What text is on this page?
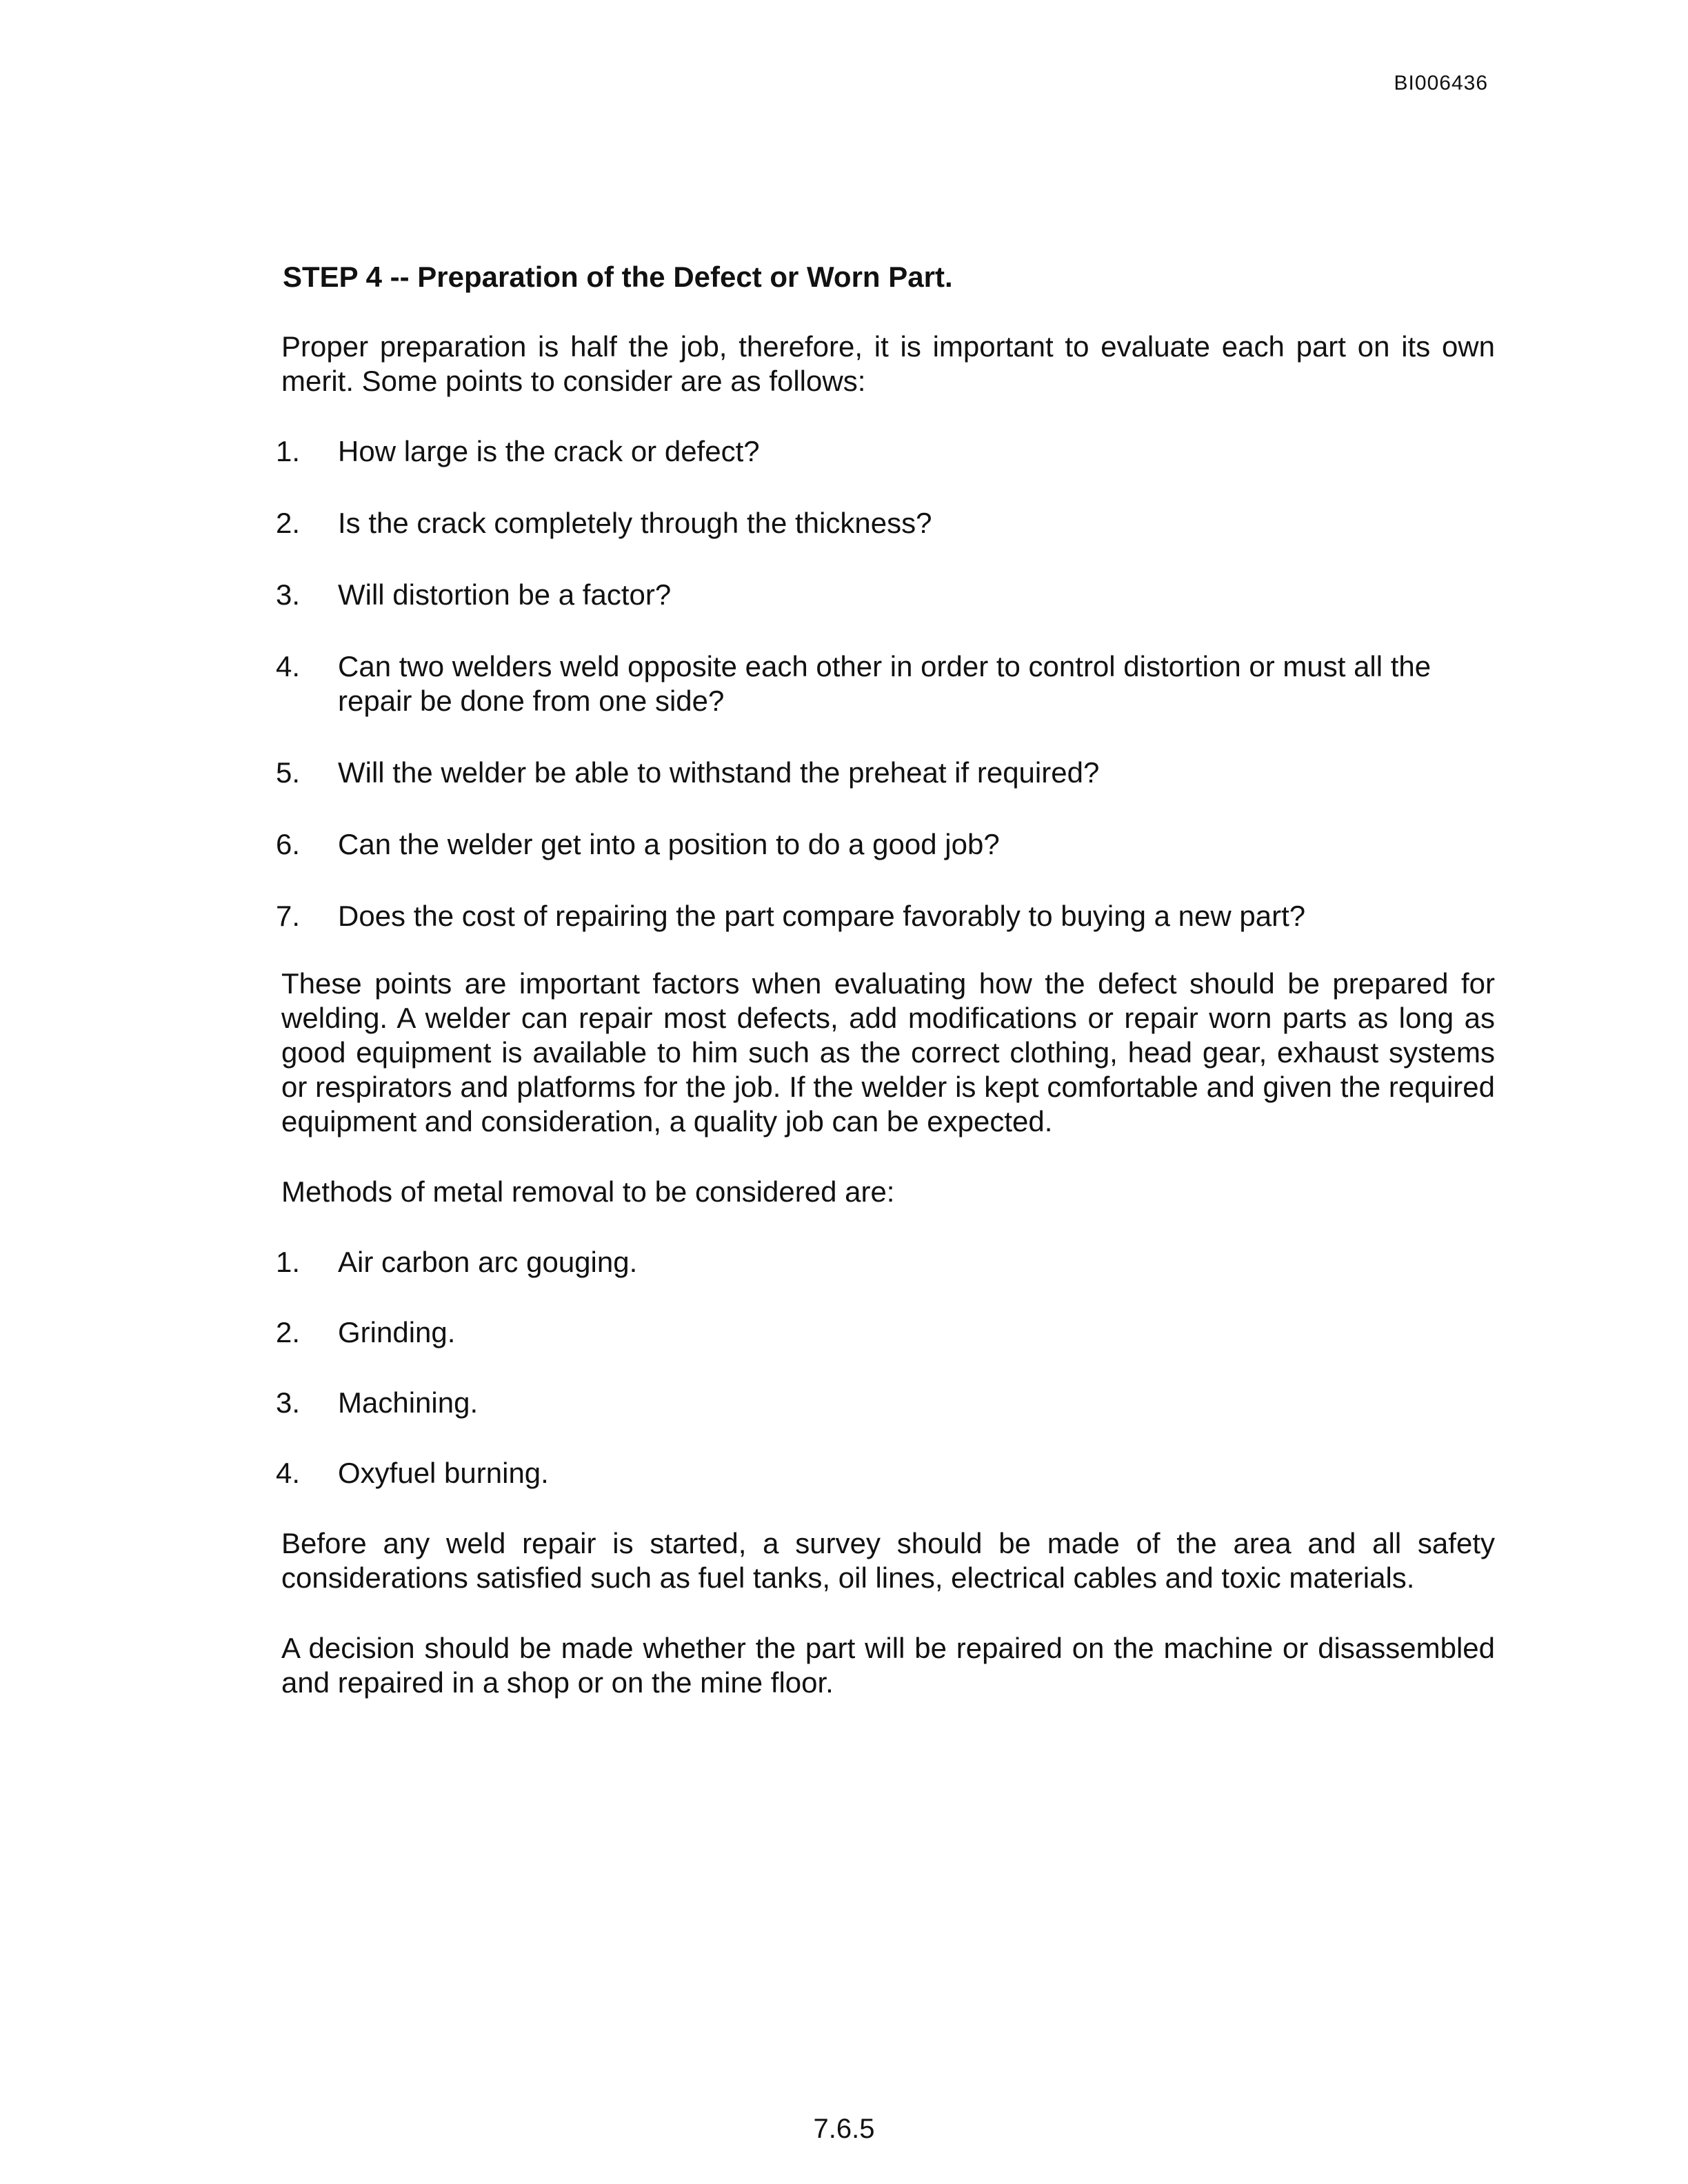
BI006436
STEP 4 -- Preparation of the Defect or Worn Part.
Proper preparation is half the job, therefore, it is important to evaluate each part on its own merit. Some points to consider are as follows:
1.	How large is the crack or defect?
2.	Is the crack completely through the thickness?
3.	Will distortion be a factor?
4.	Can two welders weld opposite each other in order to control distortion or must all the repair be done from one side?
5.	Will the welder be able to withstand the preheat if required?
6.	Can the welder get into a position to do a good job?
7.	Does the cost of repairing the part compare favorably to buying a new part?
These points are important factors when evaluating how the defect should be prepared for welding. A welder can repair most defects, add modifications or repair worn parts as long as good equipment is available to him such as the correct clothing, head gear, exhaust systems or respirators and platforms for the job. If the welder is kept comfortable and given the required equipment and consideration, a quality job can be expected.
Methods of metal removal to be considered are:
1.	Air carbon arc gouging.
2.	Grinding.
3.	Machining.
4.	Oxyfuel burning.
Before any weld repair is started, a survey should be made of the area and all safety considerations satisfied such as fuel tanks, oil lines, electrical cables and toxic materials.
A decision should be made whether the part will be repaired on the machine or disassembled and repaired in a shop or on the mine floor.
7.6.5
